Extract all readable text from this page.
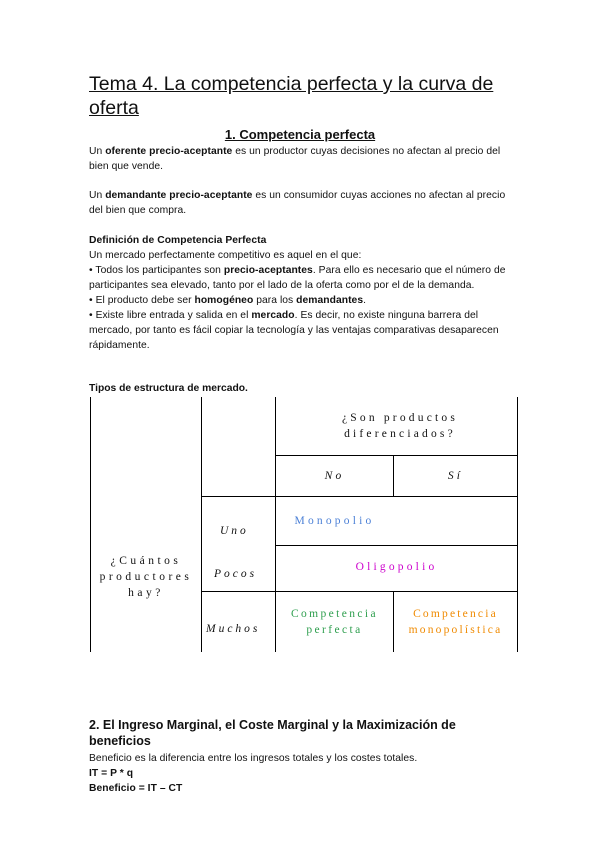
Tema 4. La competencia perfecta y la curva de oferta
1. Competencia perfecta
Un oferente precio-aceptante es un productor cuyas decisiones no afectan al precio del bien que vende.
Un demandante precio-aceptante es un consumidor cuyas acciones no afectan al precio del bien que compra.
Definición de Competencia Perfecta
Un mercado perfectamente competitivo es aquel en el que:
• Todos los participantes son precio-aceptantes. Para ello es necesario que el número de participantes sea elevado, tanto por el lado de la oferta como por el de la demanda.
• El producto debe ser homogéneo para los demandantes.
• Existe libre entrada y salida en el mercado. Es decir, no existe ninguna barrera del mercado, por tanto es fácil copiar la tecnología y las ventajas comparativas desaparecen rápidamente.
Tipos de estructura de mercado.
¿Son productos diferenciados?
No	Sí
¿Cuántos productores hay?
Uno
Pocos
Muchos
Monopolio
Oligopolio
Competencia perfecta
Competencia monopolística
2. El Ingreso Marginal, el Coste Marginal y la Maximización de beneficios
Beneficio es la diferencia entre los ingresos totales y los costes totales.
IT = P * q
Beneficio = IT – CT
